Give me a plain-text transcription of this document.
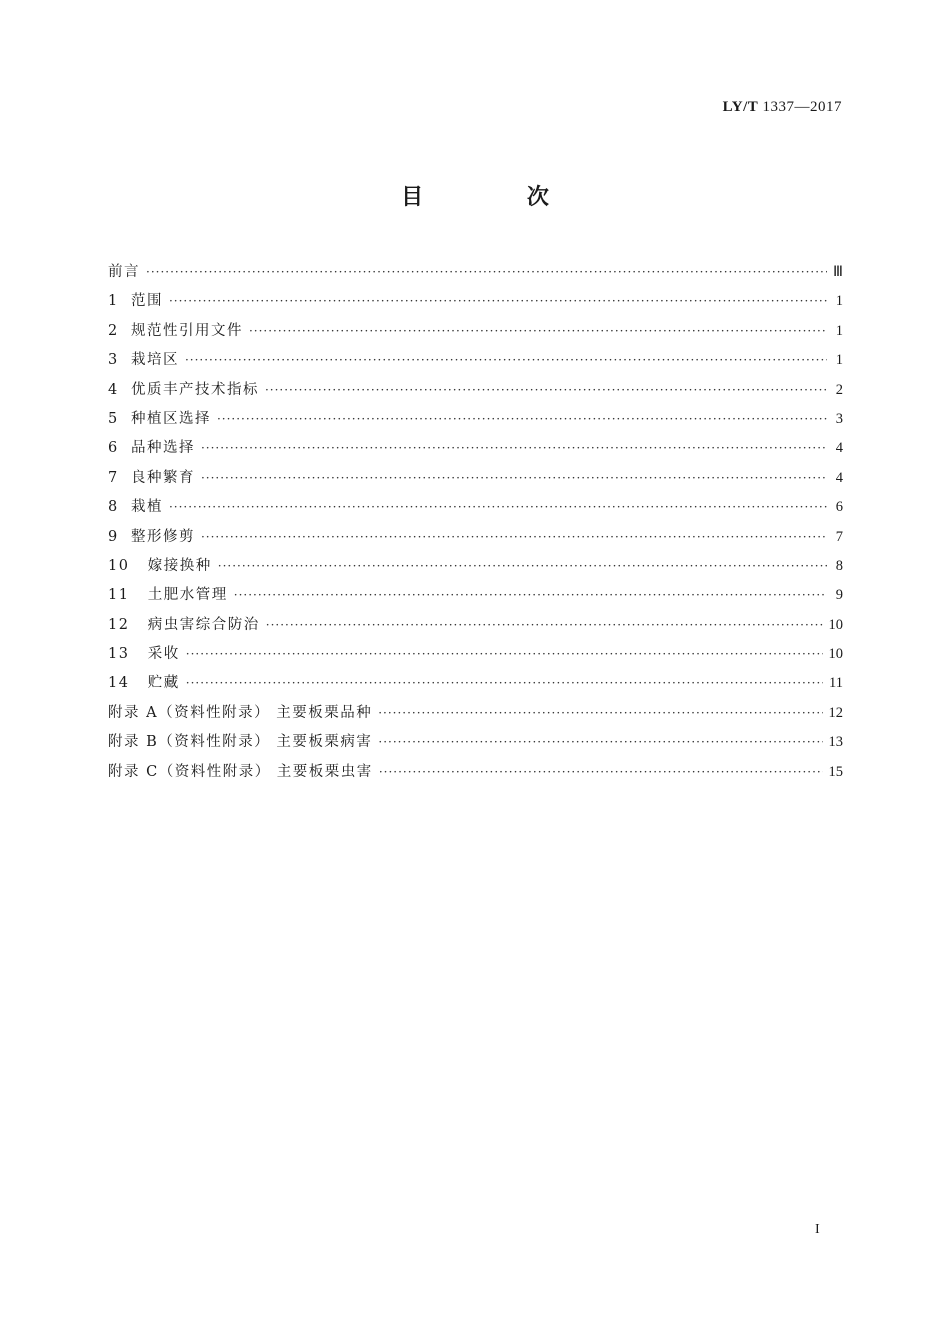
LY/T 1337—2017
目 次
前言 ·····	Ⅲ
1 范围 ·····	1
2 规范性引用文件 ·····	1
3 栽培区 ·····	1
4 优质丰产技术指标 ·····	2
5 种植区选择 ·····	3
6 品种选择 ·····	4
7 良种繁育 ·····	4
8 栽植 ·····	6
9 整形修剪 ·····	7
10 嫁接换种 ·····	8
11 土肥水管理 ·····	9
12 病虫害综合防治 ·····	10
13 采收 ·····	10
14 贮藏 ·····	11
附录 A（资料性附录） 主要板栗品种 ·····	12
附录 B（资料性附录） 主要板栗病害 ·····	13
附录 C（资料性附录） 主要板栗虫害 ·····	15
I
